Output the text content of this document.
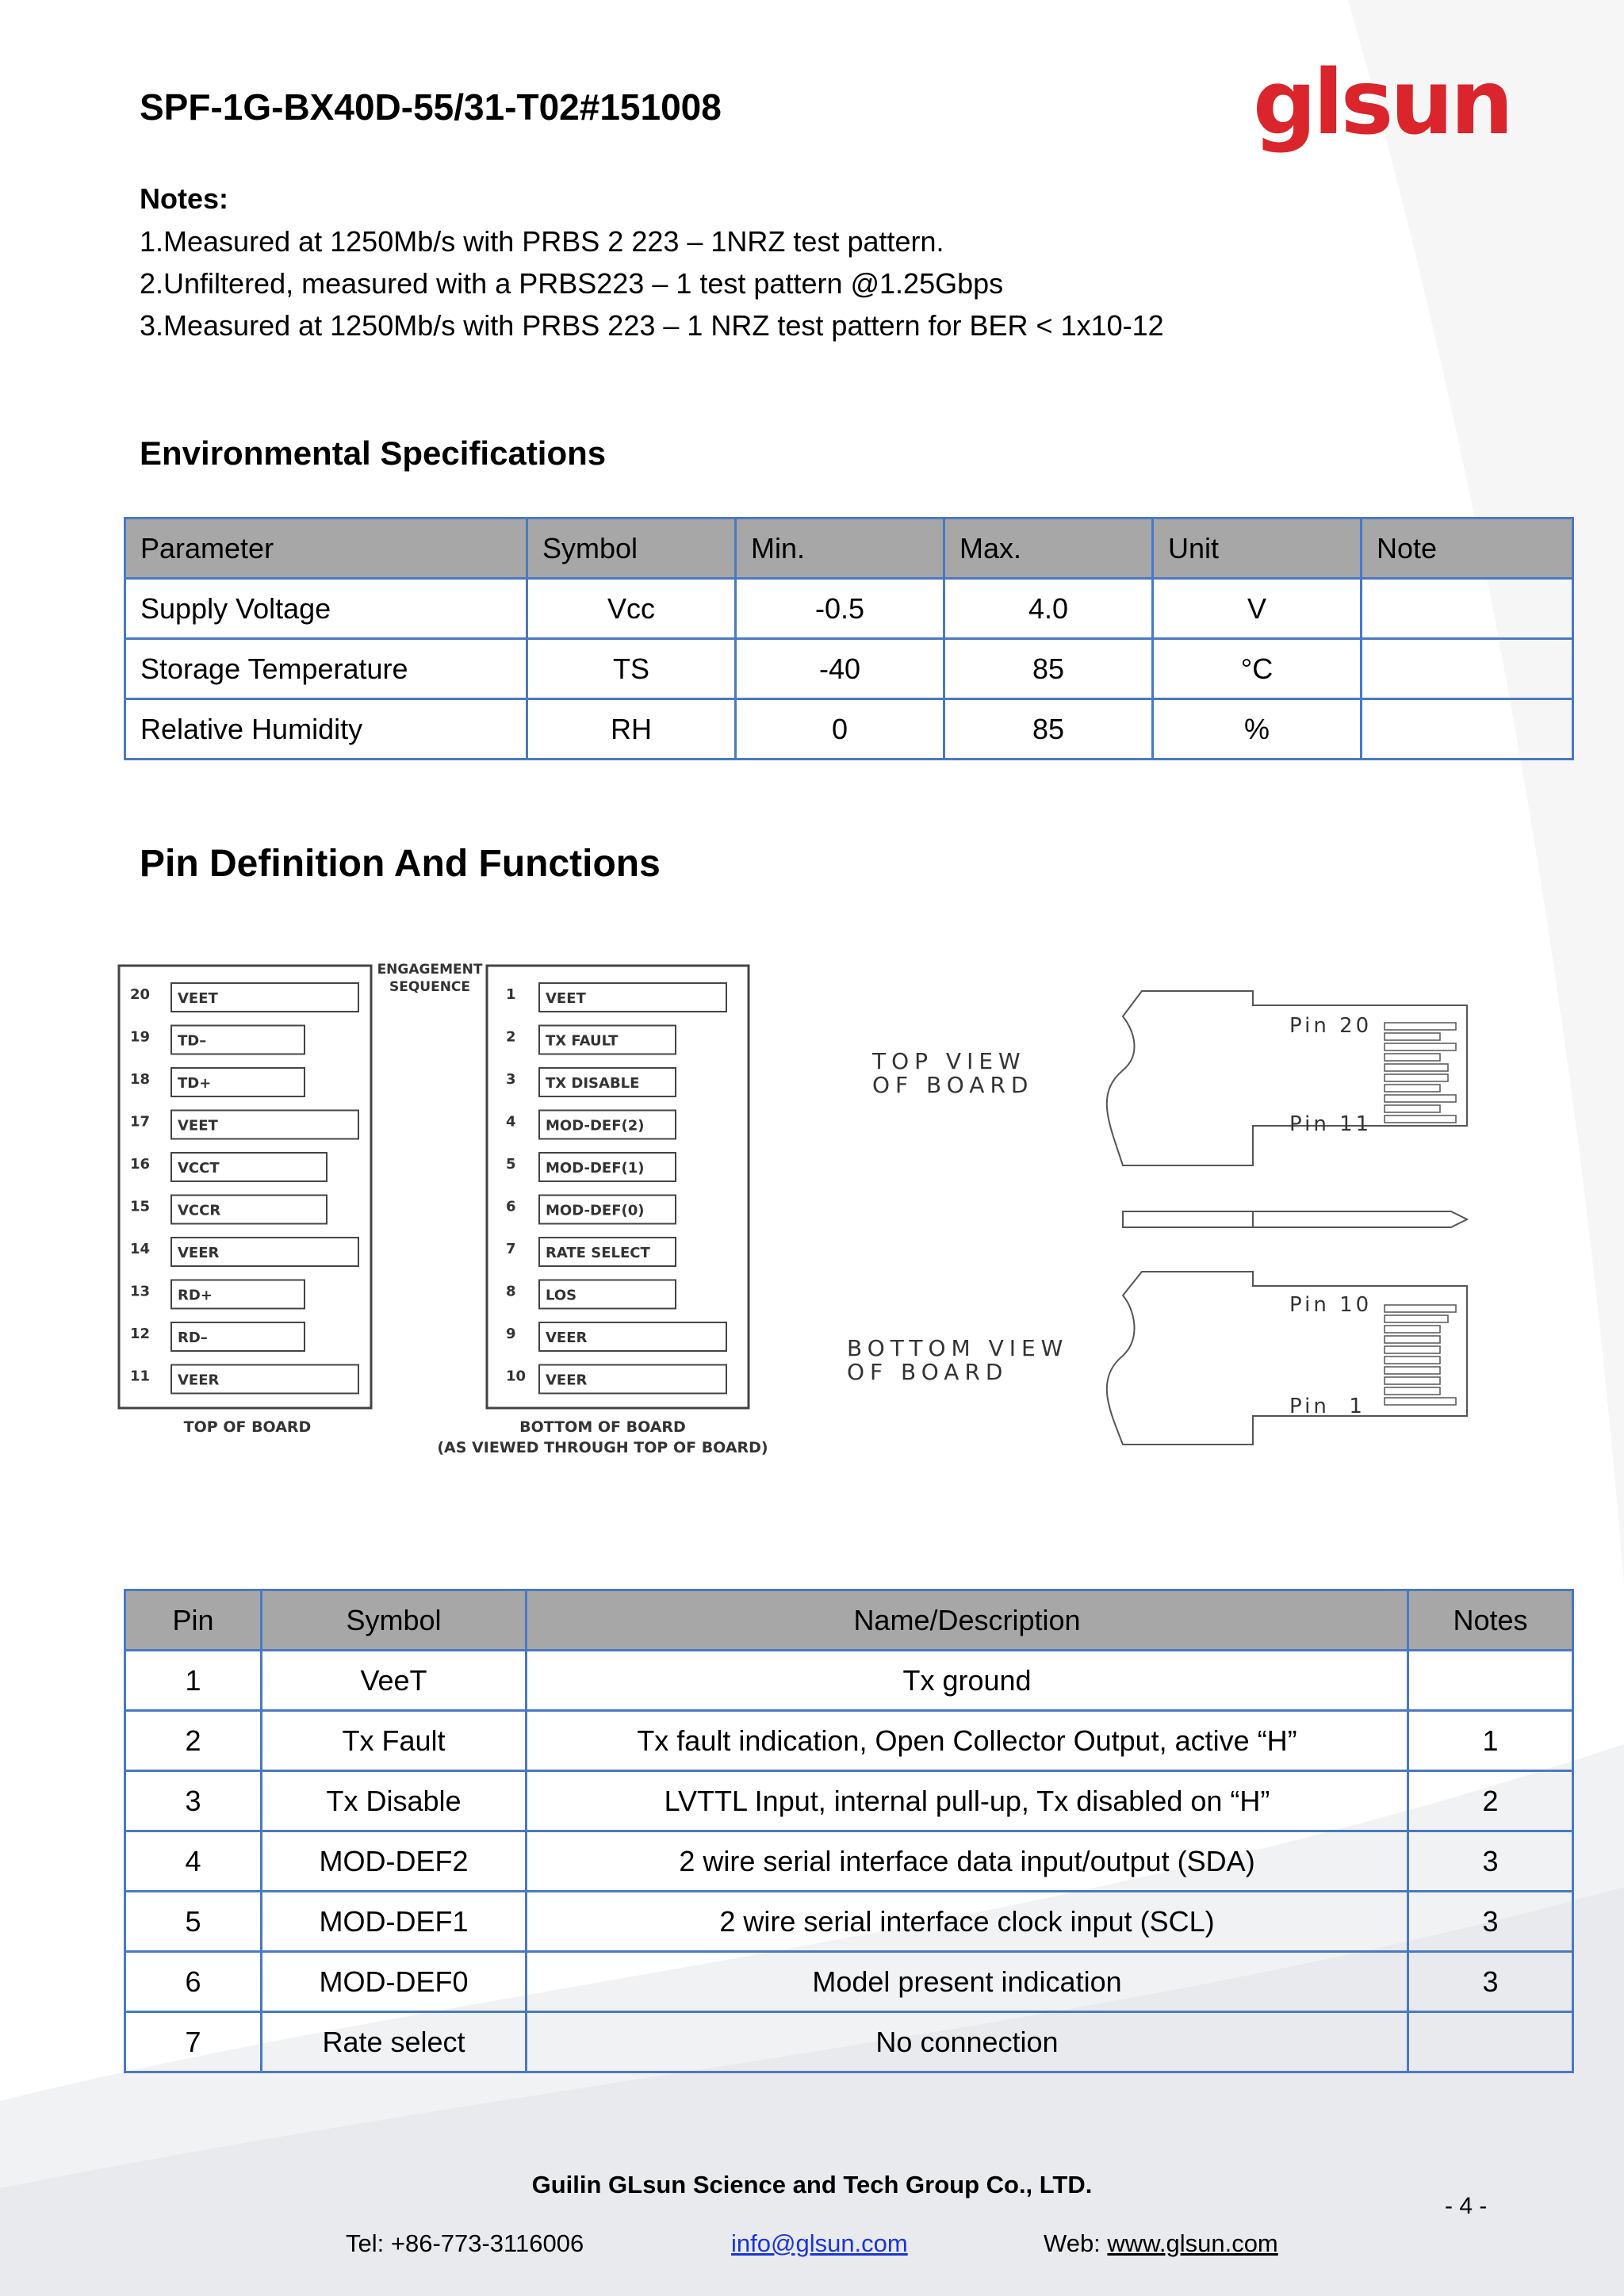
SPF-1G-BX40D-55/31-T02#151008	glsun
Notes:
1.Measured at 1250Mb/s with PRBS 2 223 – 1NRZ test pattern.
2.Unfiltered, measured with a PRBS223 – 1 test pattern @1.25Gbps
3.Measured at 1250Mb/s with PRBS 223 – 1 NRZ test pattern for BER < 1x10-12
Environmental Specifications
Parameter	Symbol	Min.	Max.	Unit	Note
Supply Voltage	Vcc	-0.5	4.0	V	
Storage Temperature	TS	-40	85	°C	
Relative Humidity	RH	0	85	%	
Pin Definition And Functions
ENGAGEMENT
SEQUENCE
20 VEET
19 TD–
18 TD+
17 VEET
16 VCCT
15 VCCR
14 VEER
13 RD+
12 RD–
11 VEER
1 VEET
2 TX FAULT
3 TX DISABLE
4 MOD-DEF(2)
5 MOD-DEF(1)
6 MOD-DEF(0)
7 RATE SELECT
8 LOS
9 VEER
10 VEER
TOP OF BOARD	BOTTOM OF BOARD
(AS VIEWED THROUGH TOP OF BOARD)
TOP VIEW
OF BOARD
Pin 20
Pin 11
BOTTOM VIEW
OF BOARD
Pin 10
Pin  1
Pin	Symbol	Name/Description	Notes
1	VeeT	Tx ground	
2	Tx Fault	Tx fault indication, Open Collector Output, active “H”	1
3	Tx Disable	LVTTL Input, internal pull-up, Tx disabled on “H”	2
4	MOD-DEF2	2 wire serial interface data input/output (SDA)	3
5	MOD-DEF1	2 wire serial interface clock input (SCL)	3
6	MOD-DEF0	Model present indication	3
7	Rate select	No connection	
Guilin GLsun Science and Tech Group Co., LTD.
- 4 -
Tel: +86-773-3116006	info@glsun.com	Web: www.glsun.com
